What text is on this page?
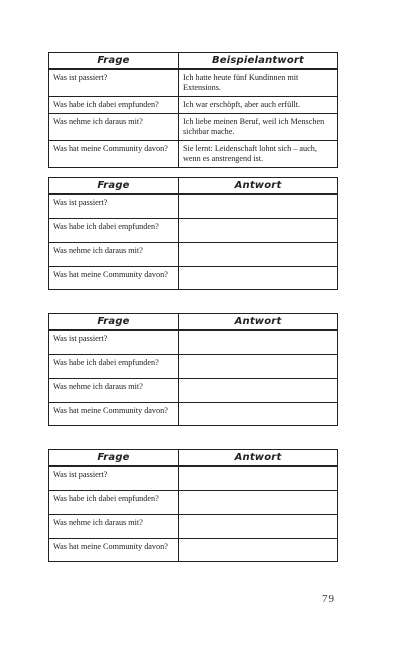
Frage	Beispielantwort
Was ist passiert?	Ich hatte heute fünf Kundinnen mit Extensions.
Was habe ich dabei empfunden?	Ich war erschöpft, aber auch erfüllt.
Was nehme ich daraus mit?	Ich liebe meinen Beruf, weil ich Menschen sichtbar mache.
Was hat meine Community davon?	Sie lernt: Leidenschaft lohnt sich – auch, wenn es anstrengend ist.
Frage	Antwort
Was ist passiert?	
Was habe ich dabei empfunden?	
Was nehme ich daraus mit?	
Was hat meine Community davon?	
Frage	Antwort
Was ist passiert?	
Was habe ich dabei empfunden?	
Was nehme ich daraus mit?	
Was hat meine Community davon?	
Frage	Antwort
Was ist passiert?	
Was habe ich dabei empfunden?	
Was nehme ich daraus mit?	
Was hat meine Community davon?	
79
